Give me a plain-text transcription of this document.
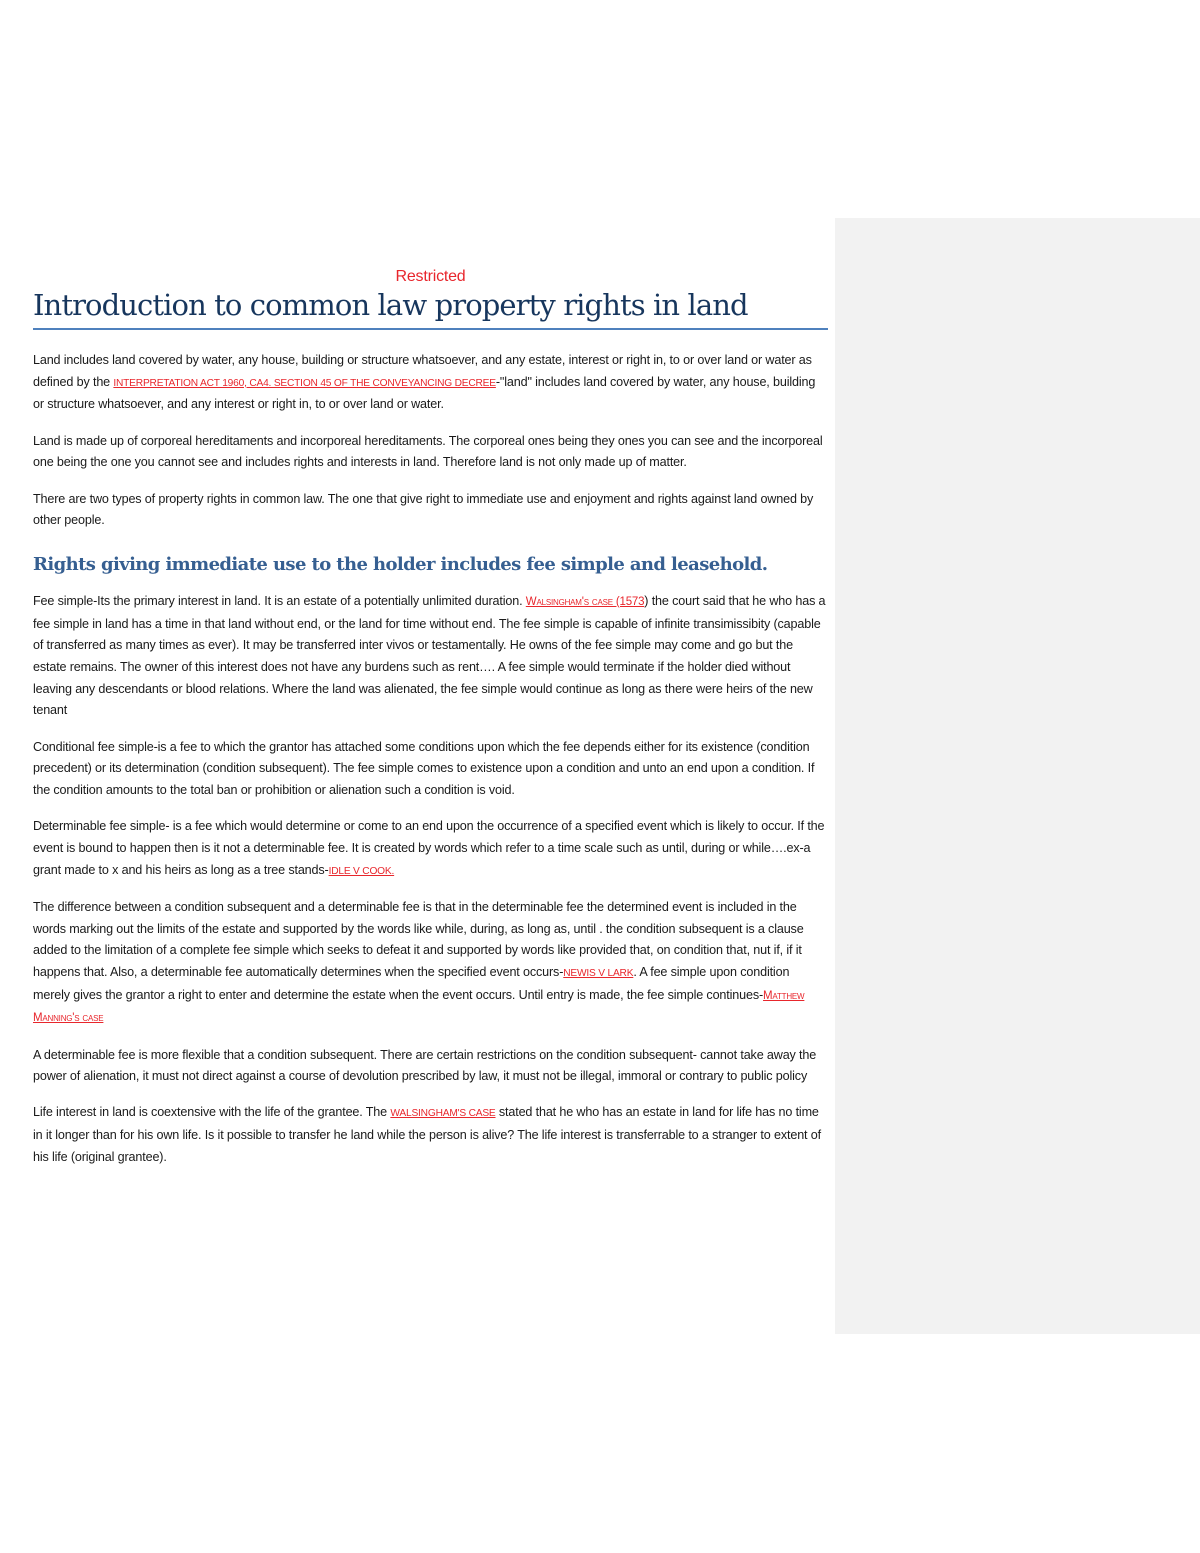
Restricted

Introduction to common law property rights in land

Land includes land covered by water, any house, building or structure whatsoever, and any estate, interest or right in, to or over land or water as defined by the INTERPRETATION ACT 1960, CA4. SECTION 45 OF THE CONVEYANCING DECREE-"land" includes land covered by water, any house, building or structure whatsoever, and any interest or right in, to or over land or water.

Land is made up of corporeal hereditaments and incorporeal hereditaments. The corporeal ones being they ones you can see and the incorporeal one being the one you cannot see and includes rights and interests in land. Therefore land is not only made up of matter.

There are two types of property rights in common law. The one that give right to immediate use and enjoyment and rights against land owned by other people.

Rights giving immediate use to the holder includes fee simple and leasehold.

Fee simple-Its the primary interest in land. It is an estate of a potentially unlimited duration. Walsingham's case (1573) the court said that he who has a fee simple in land has a time in that land without end, or the land for time without end. The fee simple is capable of infinite transimissibity (capable of transferred as many times as ever). It may be transferred inter vivos or testamentally. He owns of the fee simple may come and go but the estate remains. The owner of this interest does not have any burdens such as rent…. A fee simple would terminate if the holder died without leaving any descendants or blood relations. Where the land was alienated, the fee simple would continue as long as there were heirs of the new tenant

Conditional fee simple-is a fee to which the grantor has attached some conditions upon which the fee depends either for its existence (condition precedent) or its determination (condition subsequent). The fee simple comes to existence upon a condition and unto an end upon a condition. If the condition amounts to the total ban or prohibition or alienation such a condition is void.

Determinable fee simple- is a fee which would determine or come to an end upon the occurrence of a specified event which is likely to occur. If the event is bound to happen then is it not a determinable fee. It is created by words which refer to a time scale such as until, during or while….ex-a grant made to x and his heirs as long as a tree stands-IDLE V COOK.

The difference between a condition subsequent and a determinable fee is that in the determinable fee the determined event is included in the words marking out the limits of the estate and supported by the words like while, during, as long as, until . the condition subsequent is a clause added to the limitation of a complete fee simple which seeks to defeat it and supported by words like provided that, on condition that, nut if, if it happens that. Also, a determinable fee automatically determines when the specified event occurs-NEWIS V LARK. A fee simple upon condition merely gives the grantor a right to enter and determine the estate when the event occurs. Until entry is made, the fee simple continues-Matthew Manning's case

A determinable fee is more flexible that a condition subsequent. There are certain restrictions on the condition subsequent- cannot take away the power of alienation, it must not direct against a course of devolution prescribed by law, it must not be illegal, immoral or contrary to public policy

Life interest in land is coextensive with the life of the grantee. The WALSINGHAM'S CASE stated that he who has an estate in land for life has no time in it longer than for his own life. Is it possible to transfer he land while the person is alive? The life interest is transferrable to a stranger to extent of his life (original grantee).
